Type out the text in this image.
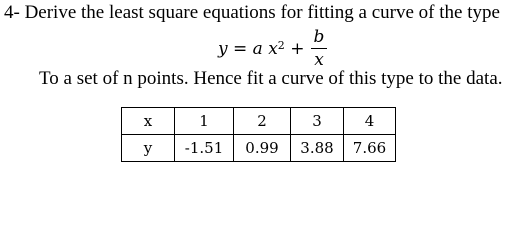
4- Derive the least square equations for fitting a curve of the type
y = a $x^2$ +
b
x
To a set of n points. Hence fit a curve of this type to the data.
x	1	2	3	4
y	-1.51	0.99	3.88	7.66
